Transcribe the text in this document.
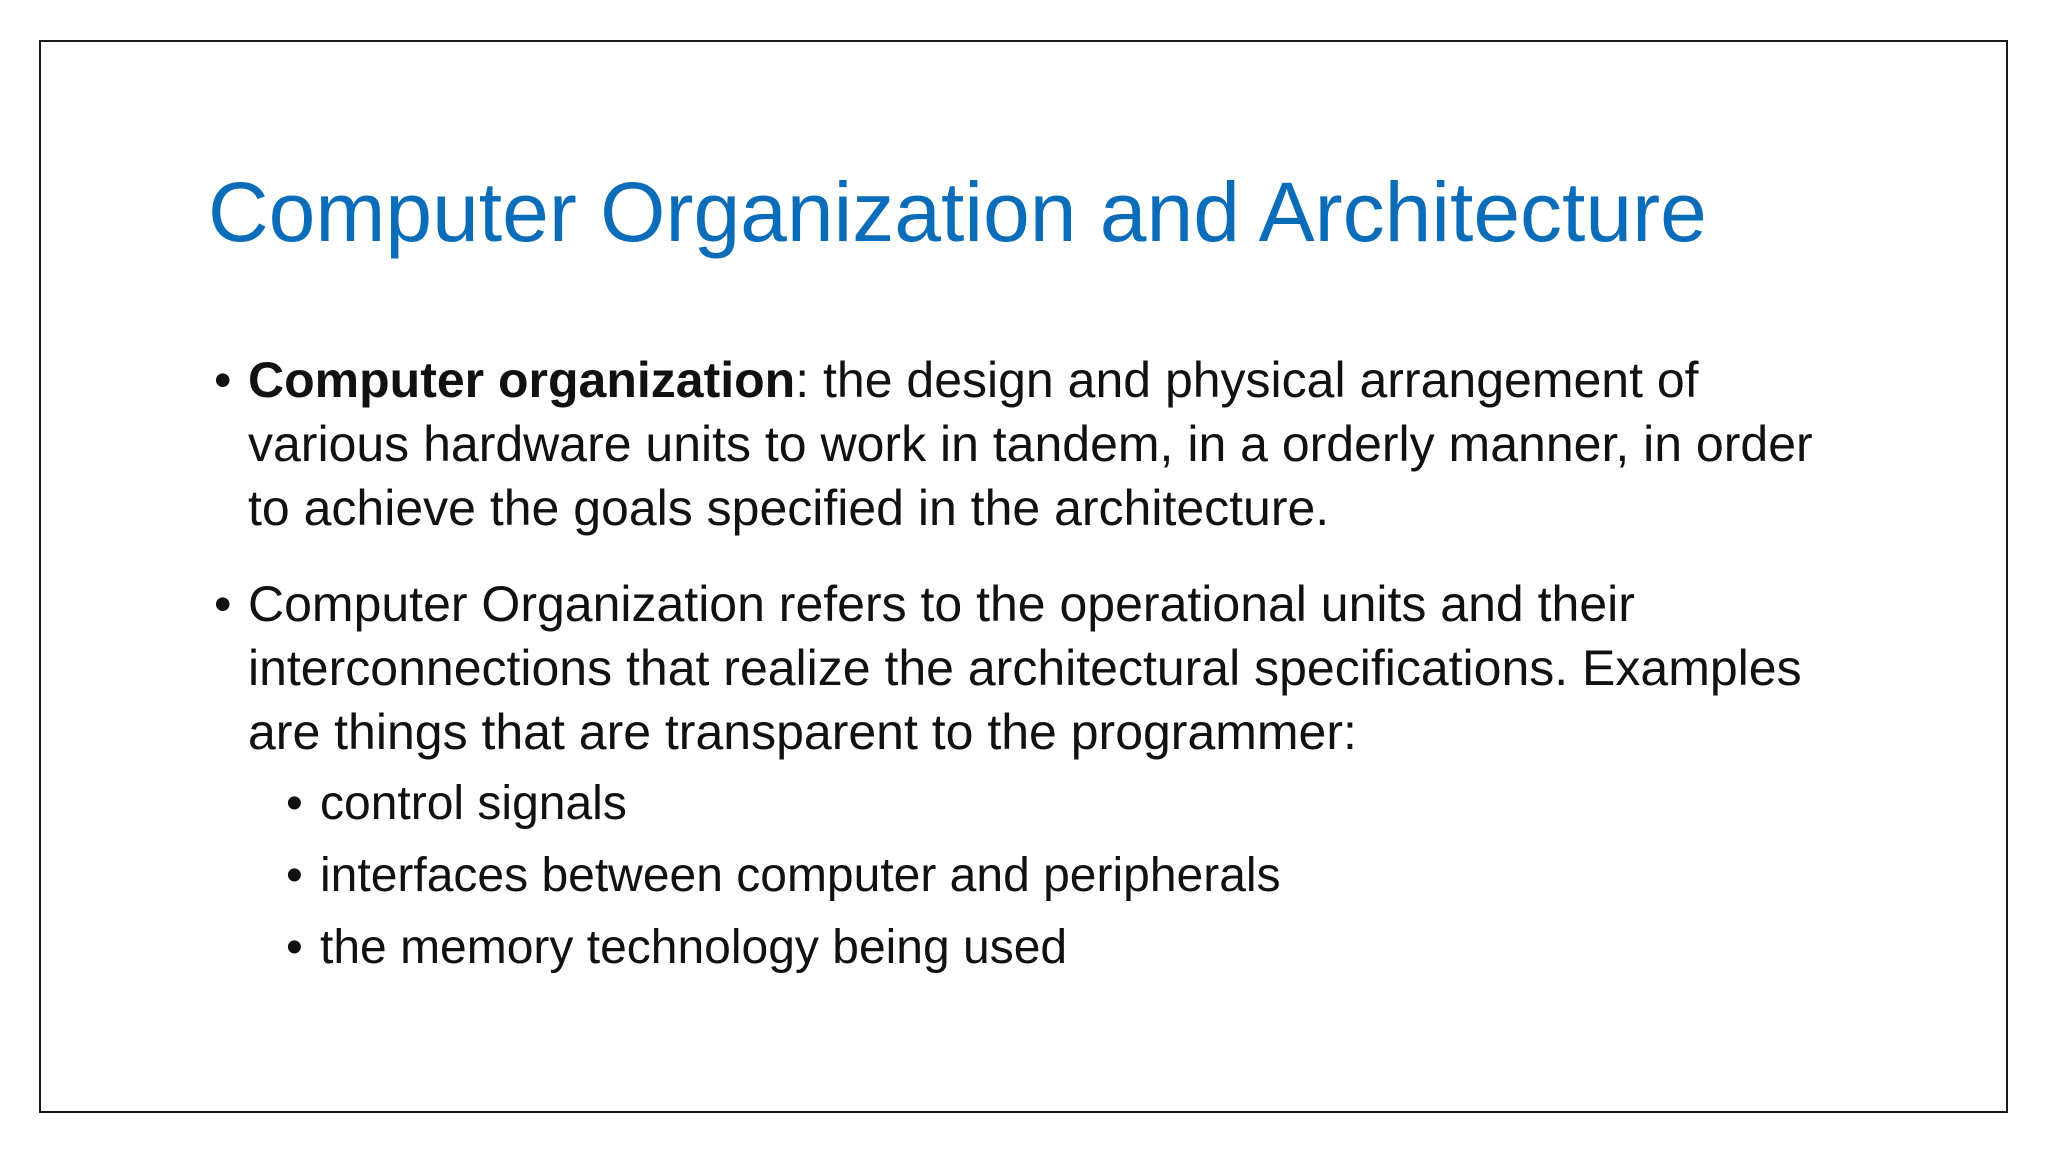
Computer Organization and Architecture
• Computer organization: the design and physical arrangement of various hardware units to work in tandem, in a orderly manner, in order to achieve the goals specified in the architecture.
• Computer Organization refers to the operational units and their interconnections that realize the architectural specifications. Examples are things that are transparent to the programmer:
• control signals
• interfaces between computer and peripherals
• the memory technology being used
